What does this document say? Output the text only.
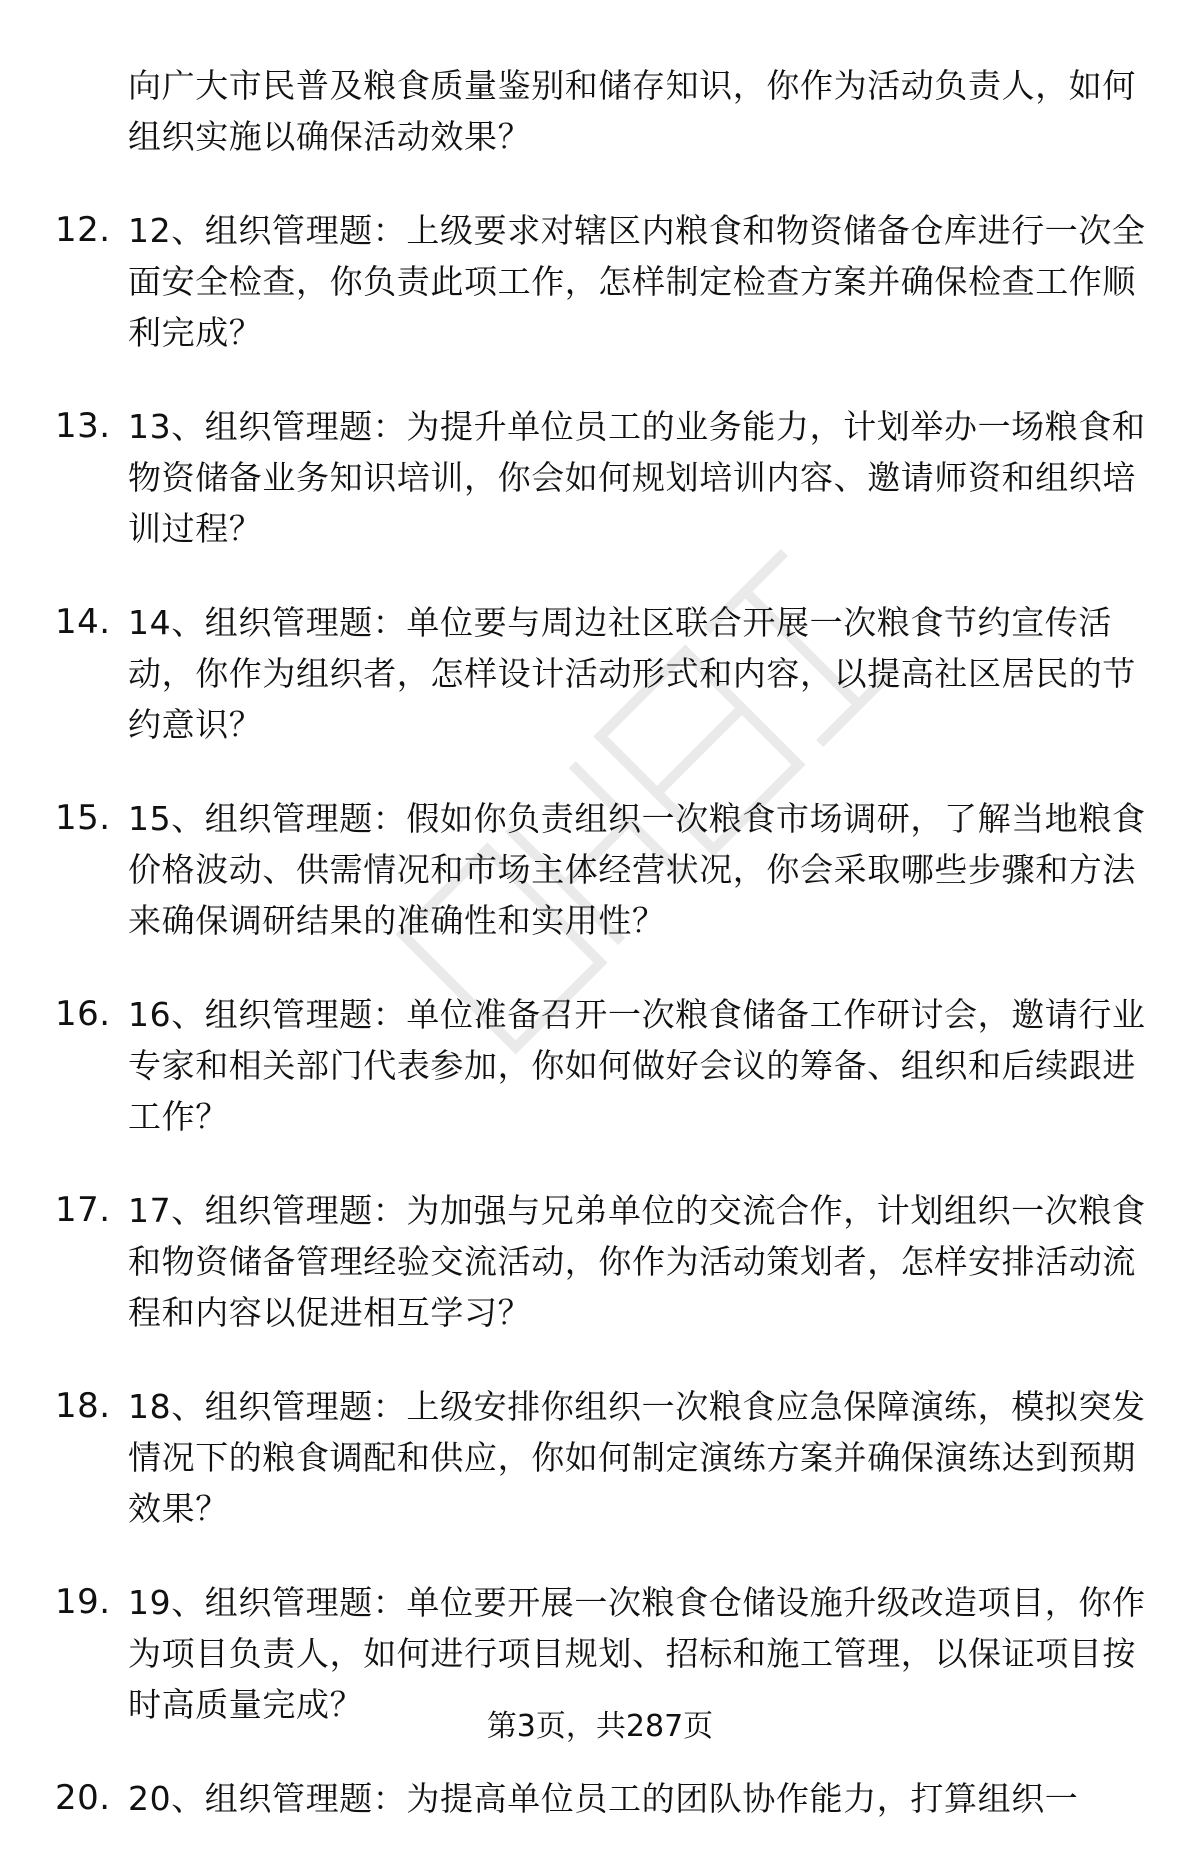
向广大市民普及粮食质量鉴别和储存知识，你作为活动负责人，如何组织实施以确保活动效果？
12. 12、组织管理题：上级要求对辖区内粮食和物资储备仓库进行一次全面安全检查，你负责此项工作，怎样制定检查方案并确保检查工作顺利完成？
13. 13、组织管理题：为提升单位员工的业务能力，计划举办一场粮食和物资储备业务知识培训，你会如何规划培训内容、邀请师资和组织培训过程？
14. 14、组织管理题：单位要与周边社区联合开展一次粮食节约宣传活动，你作为组织者，怎样设计活动形式和内容，以提高社区居民的节约意识？
15. 15、组织管理题：假如你负责组织一次粮食市场调研，了解当地粮食价格波动、供需情况和市场主体经营状况，你会采取哪些步骤和方法来确保调研结果的准确性和实用性？
16. 16、组织管理题：单位准备召开一次粮食储备工作研讨会，邀请行业专家和相关部门代表参加，你如何做好会议的筹备、组织和后续跟进工作？
17. 17、组织管理题：为加强与兄弟单位的交流合作，计划组织一次粮食和物资储备管理经验交流活动，你作为活动策划者，怎样安排活动流程和内容以促进相互学习？
18. 18、组织管理题：上级安排你组织一次粮食应急保障演练，模拟突发情况下的粮食调配和供应，你如何制定演练方案并确保演练达到预期效果？
19. 19、组织管理题：单位要开展一次粮食仓储设施升级改造项目，你作为项目负责人，如何进行项目规划、招标和施工管理，以保证项目按时高质量完成？
20. 20、组织管理题：为提高单位员工的团队协作能力，打算组织一
第3页，共287页
